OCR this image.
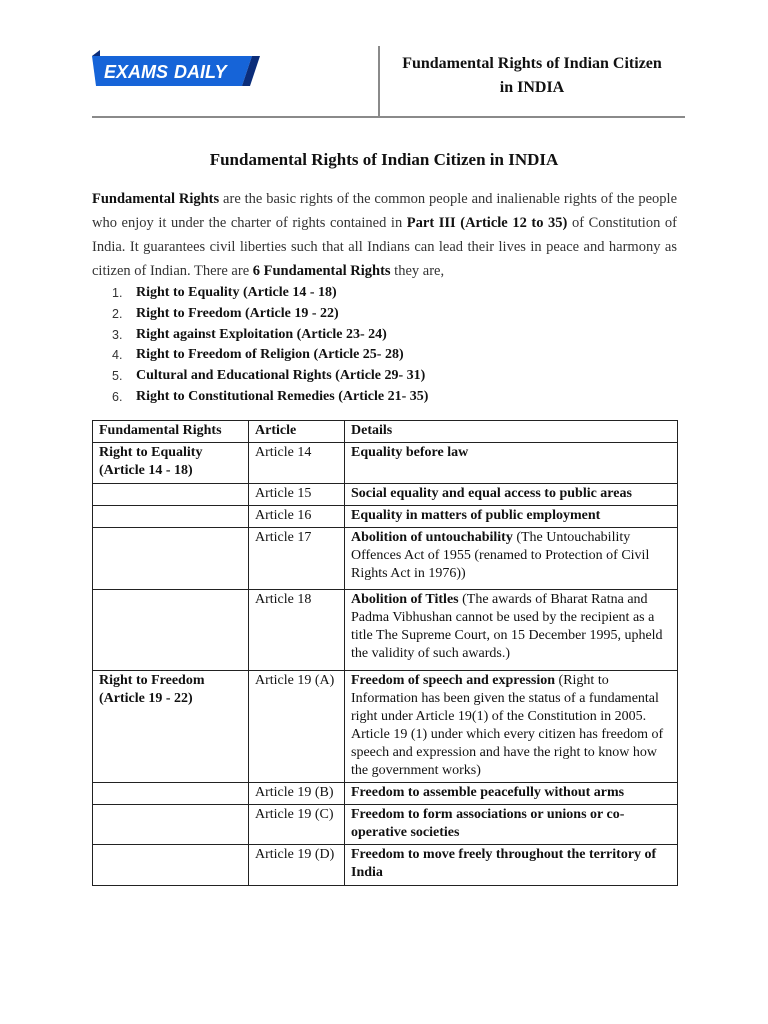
EXAMS DAILY	Fundamental Rights of Indian Citizen
in INDIA
Fundamental Rights of Indian Citizen in INDIA

Fundamental Rights are the basic rights of the common people and inalienable rights of the people who enjoy it under the charter of rights contained in Part III (Article 12 to 35) of Constitution of India. It guarantees civil liberties such that all Indians can lead their lives in peace and harmony as citizen of Indian. There are 6 Fundamental Rights they are,

1. Right to Equality (Article 14 - 18)
2. Right to Freedom (Article 19 - 22)
3. Right against Exploitation (Article 23- 24)
4. Right to Freedom of Religion (Article 25- 28)
5. Cultural and Educational Rights (Article 29- 31)
6. Right to Constitutional Remedies (Article 21- 35)
Fundamental Rights	Article	Details
Right to Equality (Article 14 - 18)	Article 14	Equality before law
	Article 15	Social equality and equal access to public areas
	Article 16	Equality in matters of public employment
	Article 17	Abolition of untouchability (The Untouchability Offences Act of 1955 (renamed to Protection of Civil Rights Act in 1976))
	Article 18	Abolition of Titles (The awards of Bharat Ratna and Padma Vibhushan cannot be used by the recipient as a title The Supreme Court, on 15 December 1995, upheld the validity of such awards.)
Right to Freedom (Article 19 - 22)	Article 19 (A)	Freedom of speech and expression (Right to Information has been given the status of a fundamental right under Article 19(1) of the Constitution in 2005. Article 19 (1) under which every citizen has freedom of speech and expression and have the right to know how the government works)
	Article 19 (B)	Freedom to assemble peacefully without arms
	Article 19 (C)	Freedom to form associations or unions or co-operative societies
	Article 19 (D)	Freedom to move freely throughout the territory of India
